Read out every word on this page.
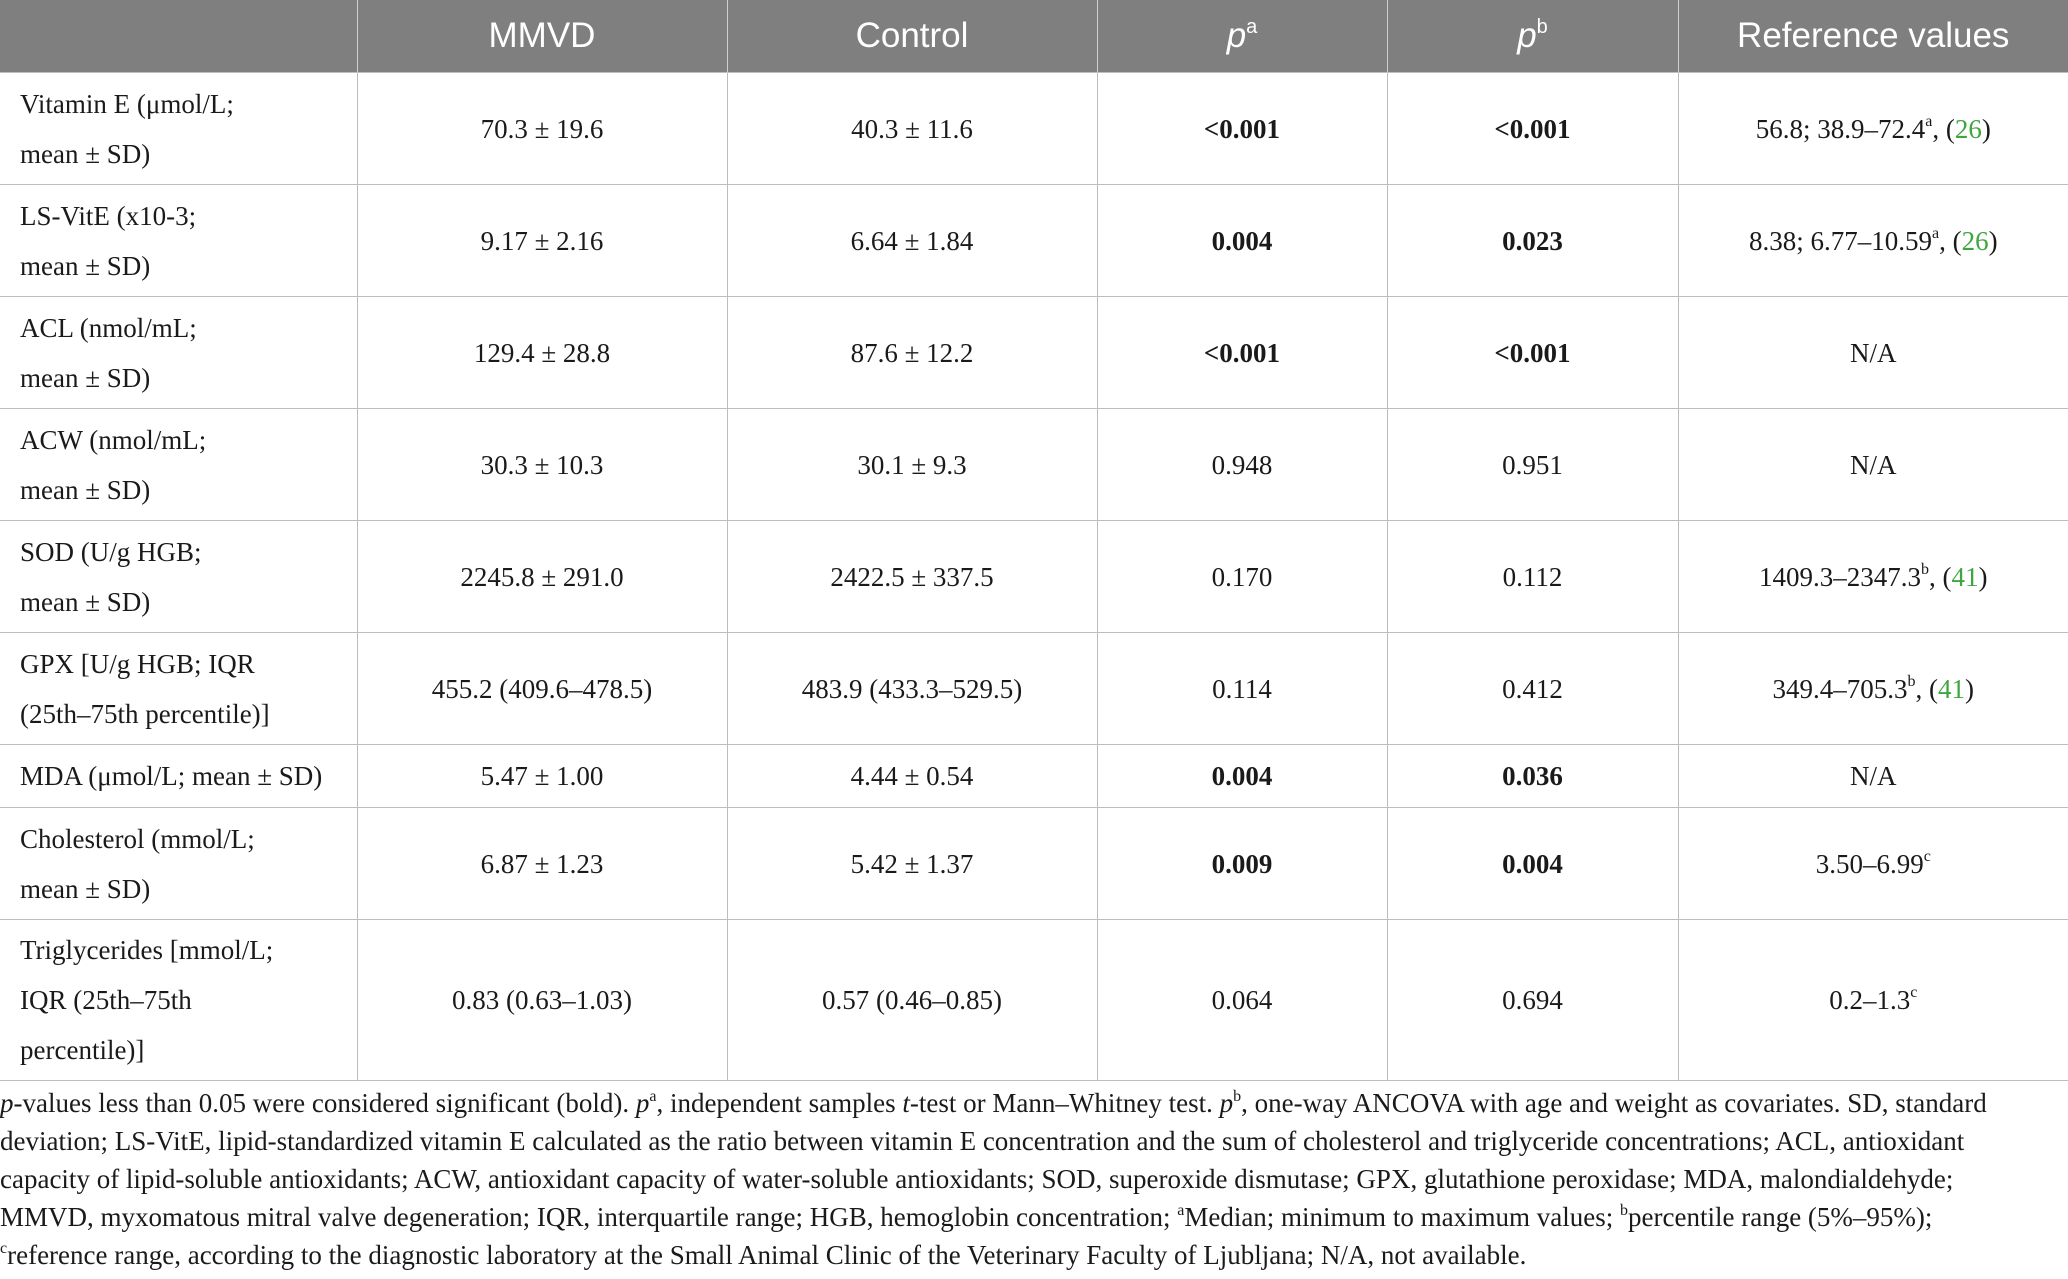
	MMVD	Control	$p^a$	$p^b$	Reference values
Vitamin E (μmol/L;
mean ± SD)	70.3 ± 19.6	40.3 ± 11.6	<0.001	<0.001	56.8; 38.9–72.4$^a$, (26)
LS-VitE (x10-3;
mean ± SD)	9.17 ± 2.16	6.64 ± 1.84	0.004	0.023	8.38; 6.77–10.59$^a$, (26)
ACL (nmol/mL;
mean ± SD)	129.4 ± 28.8	87.6 ± 12.2	<0.001	<0.001	N/A
ACW (nmol/mL;
mean ± SD)	30.3 ± 10.3	30.1 ± 9.3	0.948	0.951	N/A
SOD (U/g HGB;
mean ± SD)	2245.8 ± 291.0	2422.5 ± 337.5	0.170	0.112	1409.3–2347.3$^b$, (41)
GPX [U/g HGB; IQR
(25th–75th percentile)]	455.2 (409.6–478.5)	483.9 (433.3–529.5)	0.114	0.412	349.4–705.3$^b$, (41)
MDA (μmol/L; mean ± SD)	5.47 ± 1.00	4.44 ± 0.54	0.004	0.036	N/A
Cholesterol (mmol/L;
mean ± SD)	6.87 ± 1.23	5.42 ± 1.37	0.009	0.004	3.50–6.99$^c$
Triglycerides [mmol/L;
IQR (25th–75th
percentile)]	0.83 (0.63–1.03)	0.57 (0.46–0.85)	0.064	0.694	0.2–1.3$^c$
p-values less than 0.05 were considered significant (bold). $p^a$, independent samples t-test or Mann–Whitney test. $p^b$, one-way ANCOVA with age and weight as covariates. SD, standard deviation; LS-VitE, lipid-standardized vitamin E calculated as the ratio between vitamin E concentration and the sum of cholesterol and triglyceride concentrations; ACL, antioxidant capacity of lipid-soluble antioxidants; ACW, antioxidant capacity of water-soluble antioxidants; SOD, superoxide dismutase; GPX, glutathione peroxidase; MDA, malondialdehyde; MMVD, myxomatous mitral valve degeneration; IQR, interquartile range; HGB, hemoglobin concentration; $^a$Median; minimum to maximum values; $^b$percentile range (5%–95%); $^c$reference range, according to the diagnostic laboratory at the Small Animal Clinic of the Veterinary Faculty of Ljubljana; N/A, not available.
